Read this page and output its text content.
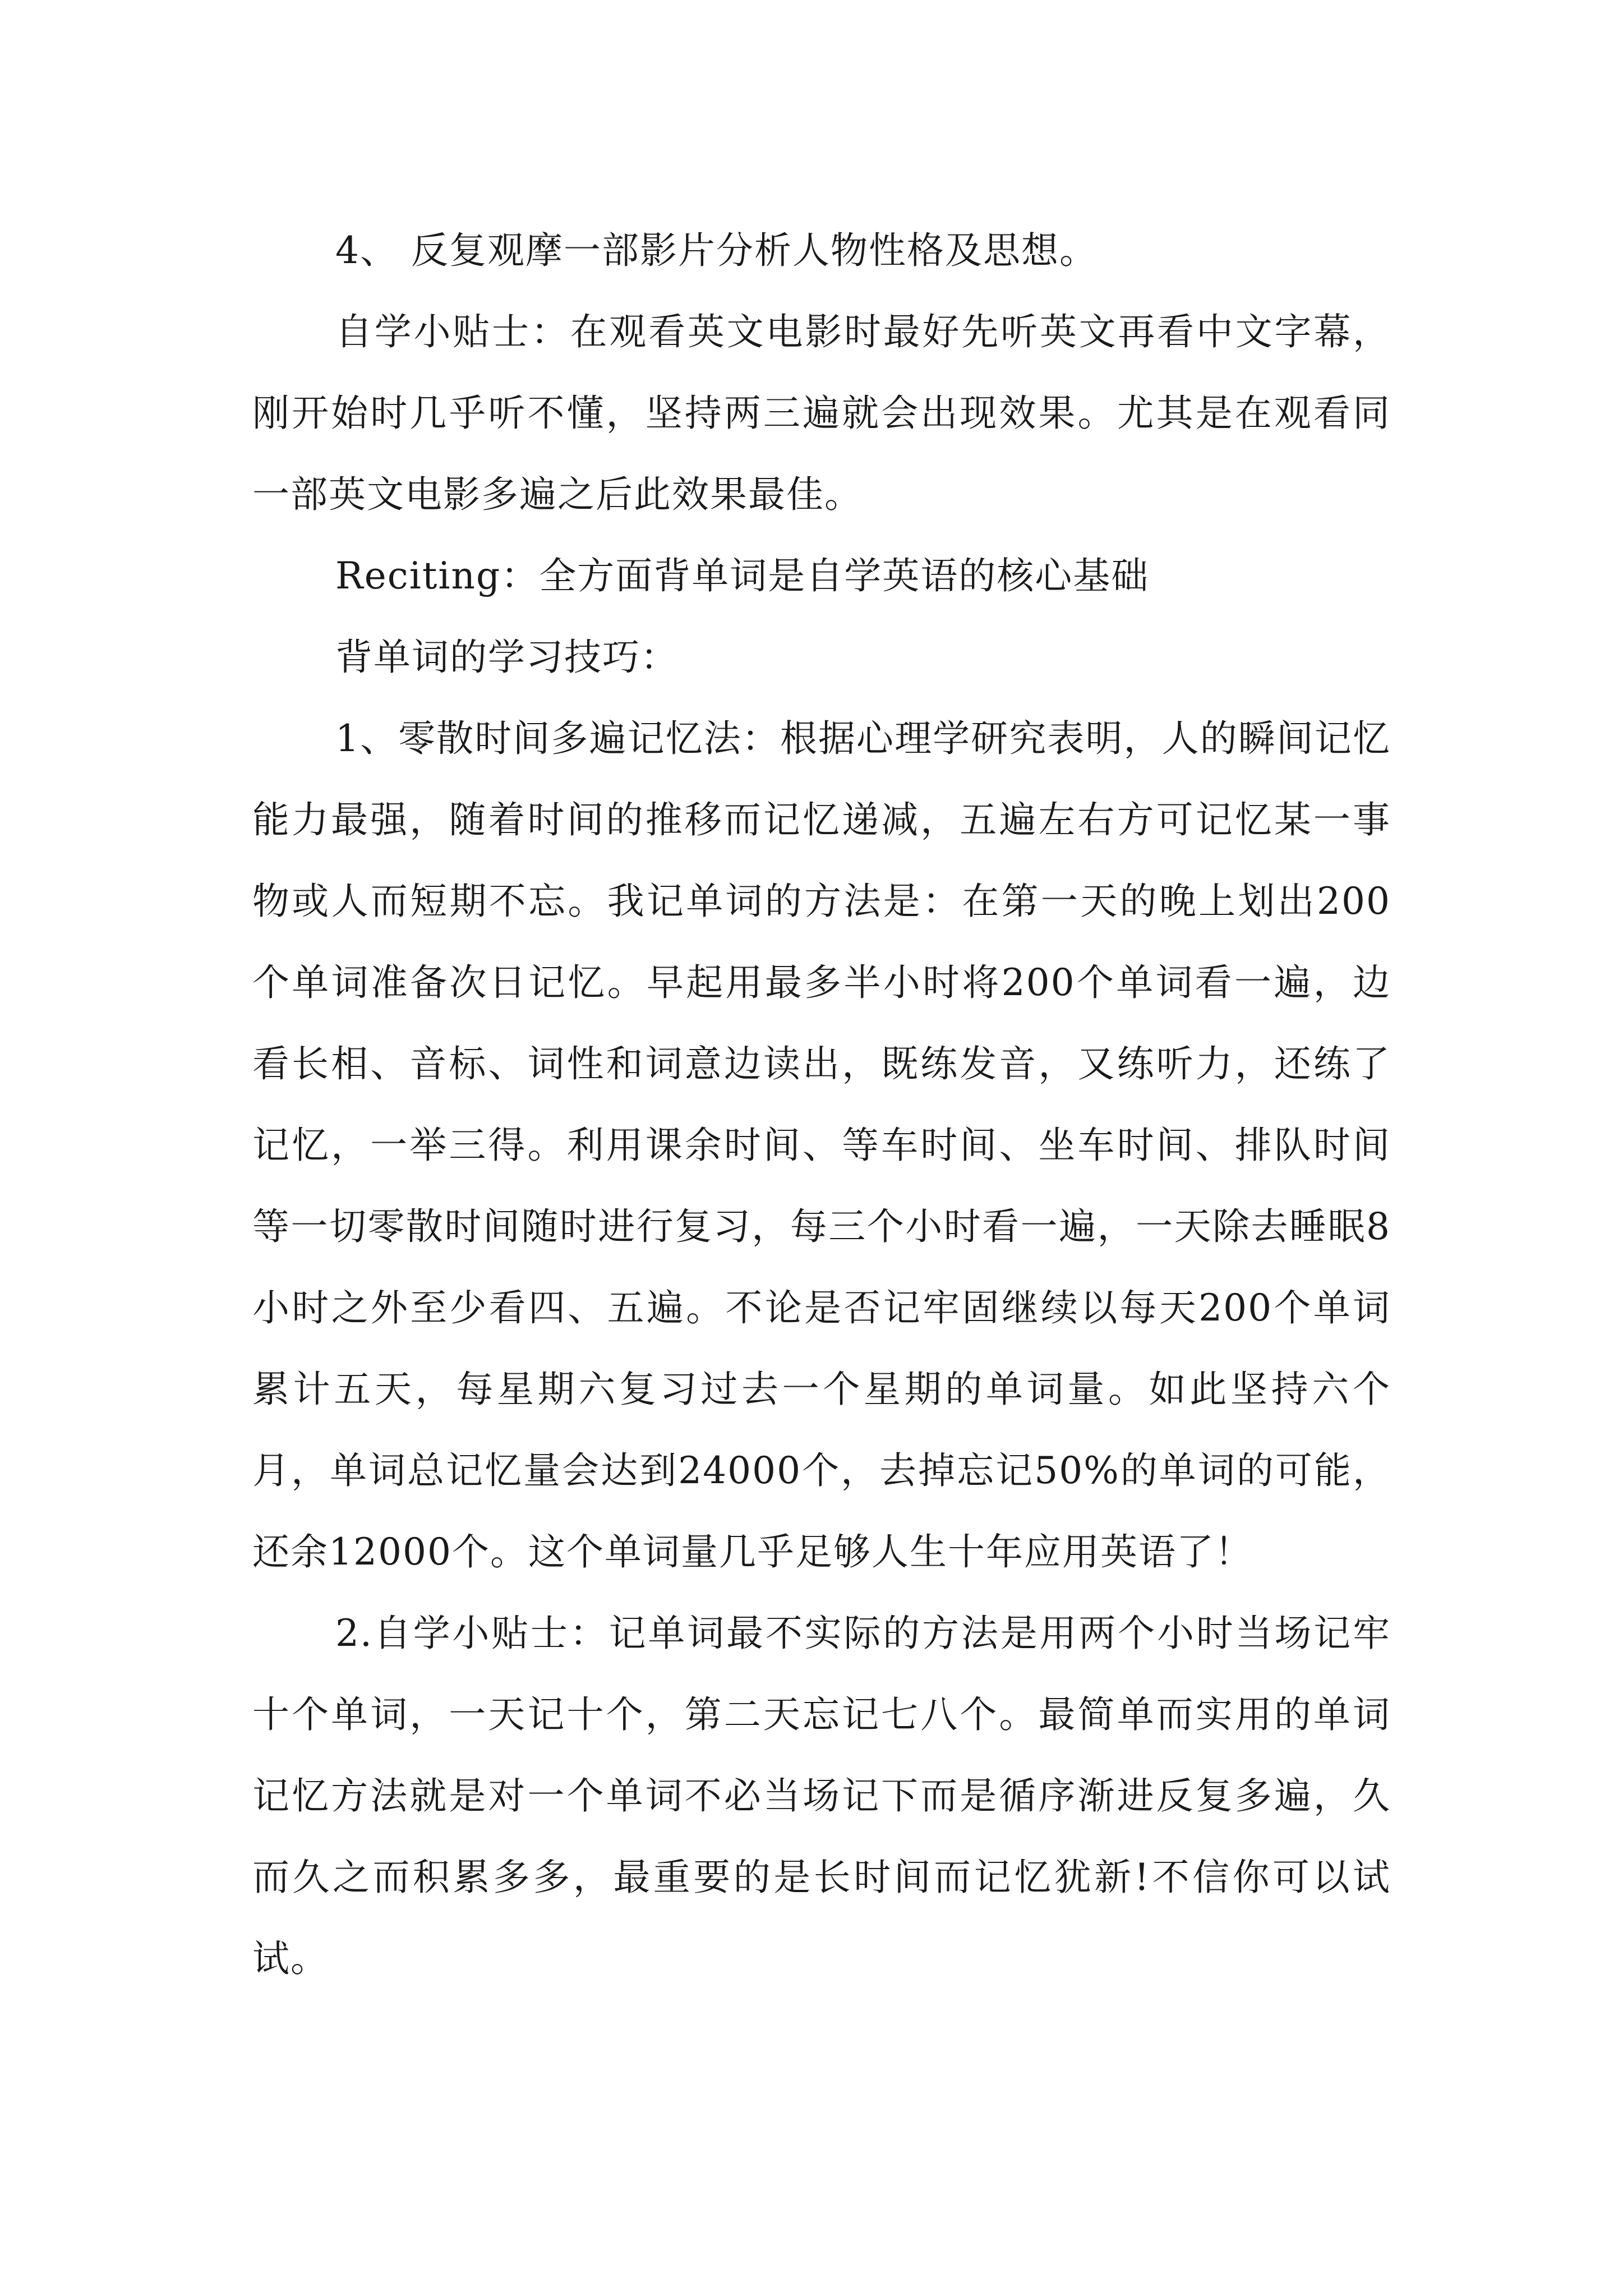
4、 反复观摩一部影片分析人物性格及思想。

自学小贴士：在观看英文电影时最好先听英文再看中文字幕，刚开始时几乎听不懂，坚持两三遍就会出现效果。尤其是在观看同一部英文电影多遍之后此效果最佳。

Reciting：全方面背单词是自学英语的核心基础

背单词的学习技巧：

1、零散时间多遍记忆法：根据心理学研究表明，人的瞬间记忆能力最强，随着时间的推移而记忆递减，五遍左右方可记忆某一事物或人而短期不忘。我记单词的方法是：在第一天的晚上划出200个单词准备次日记忆。早起用最多半小时将200个单词看一遍，边看长相、音标、词性和词意边读出，既练发音，又练听力，还练了记忆，一举三得。利用课余时间、等车时间、坐车时间、排队时间等一切零散时间随时进行复习，每三个小时看一遍，一天除去睡眠8小时之外至少看四、五遍。不论是否记牢固继续以每天200个单词累计五天，每星期六复习过去一个星期的单词量。如此坚持六个月，单词总记忆量会达到24000个，去掉忘记50%的单词的可能，还余12000个。这个单词量几乎足够人生十年应用英语了！

2.自学小贴士：记单词最不实际的方法是用两个小时当场记牢十个单词，一天记十个，第二天忘记七八个。最简单而实用的单词记忆方法就是对一个单词不必当场记下而是循序渐进反复多遍，久而久之而积累多多，最重要的是长时间而记忆犹新!不信你可以试试。
